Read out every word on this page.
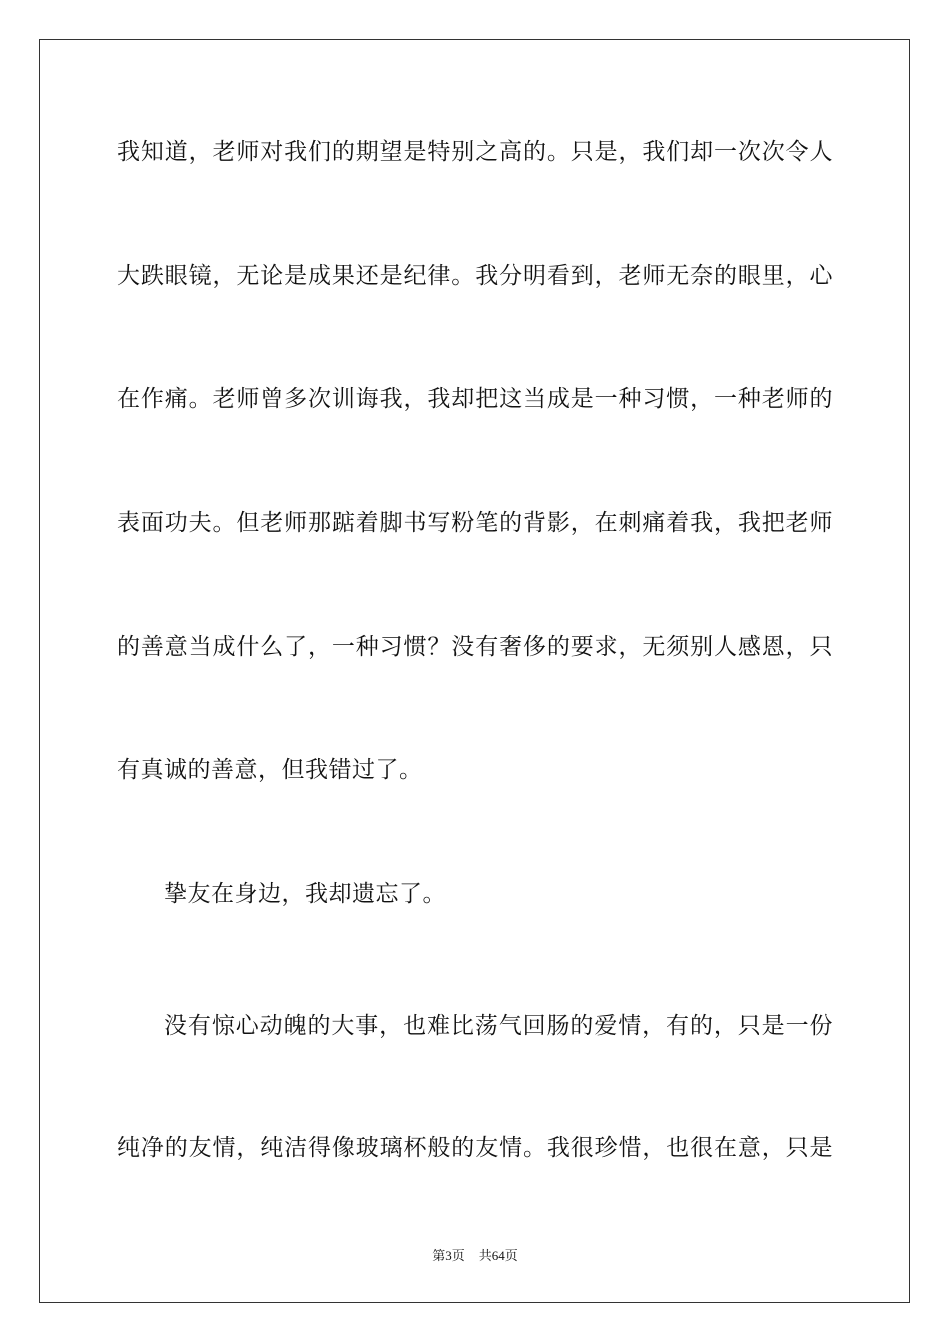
我知道，老师对我们的期望是特别之高的。只是，我们却一次次令人
大跌眼镜，无论是成果还是纪律。我分明看到，老师无奈的眼里，心
在作痛。老师曾多次训诲我，我却把这当成是一种习惯，一种老师的
表面功夫。但老师那踮着脚书写粉笔的背影，在刺痛着我，我把老师
的善意当成什么了，一种习惯？没有奢侈的要求，无须别人感恩，只
有真诚的善意，但我错过了。
挚友在身边，我却遗忘了。
没有惊心动魄的大事，也难比荡气回肠的爱情，有的，只是一份
纯净的友情，纯洁得像玻璃杯般的友情。我很珍惜，也很在意，只是
第3页 共64页
